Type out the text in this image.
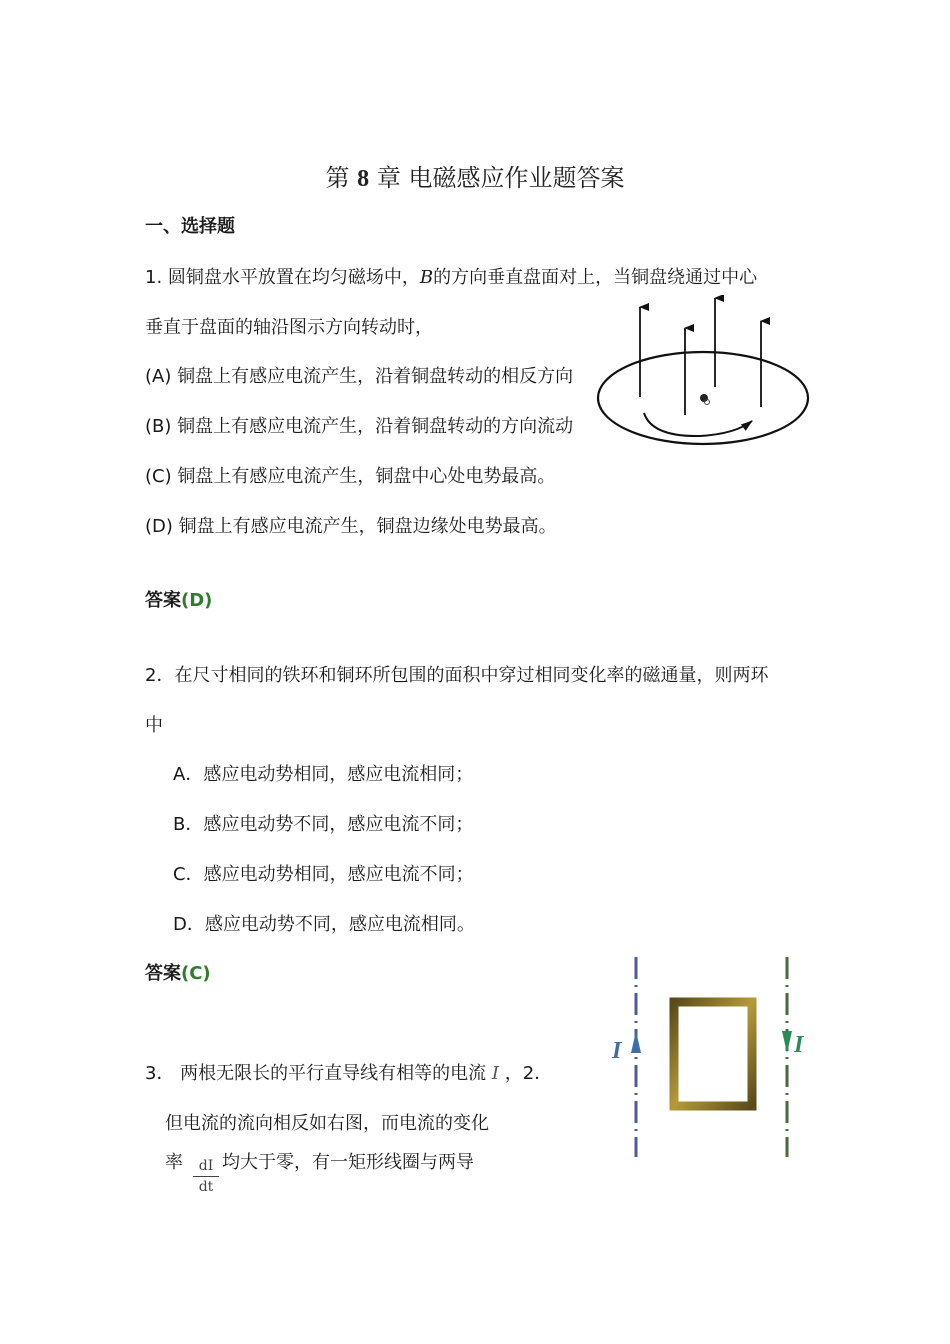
第 8 章 电磁感应作业题答案
一、选择题
1. 圆铜盘水平放置在均匀磁场中，B的方向垂直盘面对上，当铜盘绕通过中心
垂直于盘面的轴沿图示方向转动时，
(A) 铜盘上有感应电流产生，沿着铜盘转动的相反方向
(B) 铜盘上有感应电流产生，沿着铜盘转动的方向流动
(C) 铜盘上有感应电流产生，铜盘中心处电势最高。
(D) 铜盘上有感应电流产生，铜盘边缘处电势最高。
答案(D)
2．在尺寸相同的铁环和铜环所包围的面积中穿过相同变化率的磁通量，则两环
中
A．感应电动势相同，感应电流相同；
B．感应电动势不同，感应电流不同；
C．感应电动势相同，感应电流不同；
D．感应电动势不同，感应电流相同。
答案(C)
3． 两根无限长的平行直导线有相等的电流 I ，2．
但电流的流向相反如右图，而电流的变化
率 $\frac{dI}{dt}$ 均大于零，有一矩形线圈与两导
I	I
